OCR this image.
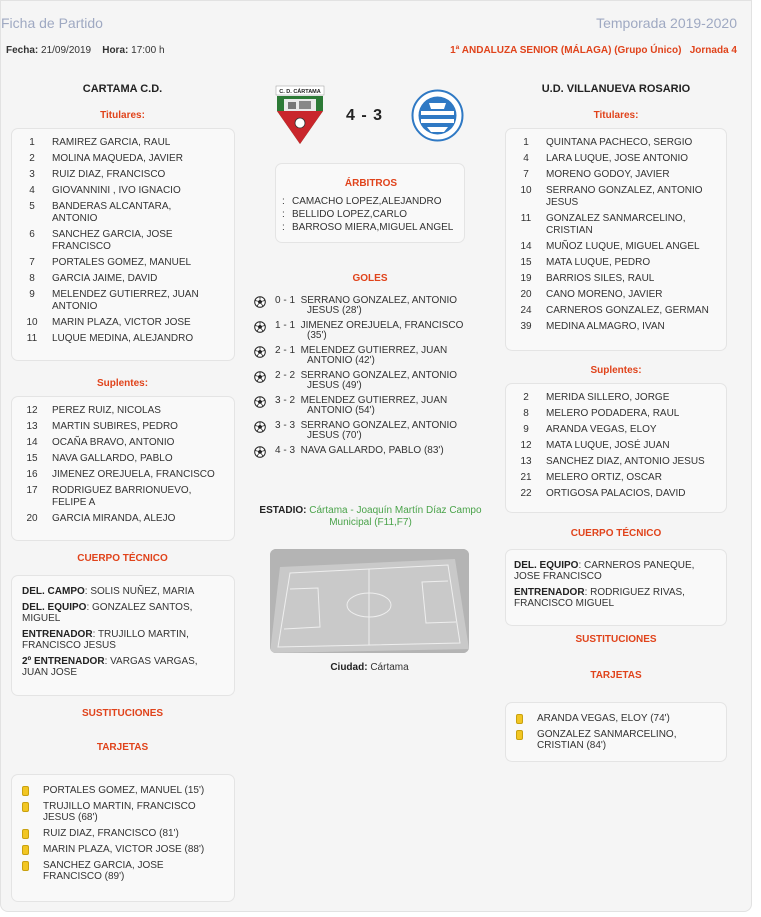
Ficha de Partido	Temporada 2019-2020
Fecha: 21/09/2019 Hora: 17:00 h	1ª ANDALUZA SENIOR (MÁLAGA) (Grupo Único) Jornada 4
CARTAMA C.D.
Titulares:
1	RAMIREZ GARCIA, RAUL
2	MOLINA MAQUEDA, JAVIER
3	RUIZ DIAZ, FRANCISCO
4	GIOVANNINI , IVO IGNACIO
5	BANDERAS ALCANTARA,
ANTONIO
6	SANCHEZ GARCIA, JOSE
FRANCISCO
7	PORTALES GOMEZ, MANUEL
8	GARCIA JAIME, DAVID
9	MELENDEZ GUTIERREZ, JUAN
ANTONIO
10	MARIN PLAZA, VICTOR JOSE
11	LUQUE MEDINA, ALEJANDRO
Suplentes:
12	PEREZ RUIZ, NICOLAS
13	MARTIN SUBIRES, PEDRO
14	OCAÑA BRAVO, ANTONIO
15	NAVA GALLARDO, PABLO
16	JIMENEZ OREJUELA, FRANCISCO
17	RODRIGUEZ BARRIONUEVO,
FELIPE A
20	GARCIA MIRANDA, ALEJO
CUERPO TÉCNICO

DEL. CAMPO: SOLIS NUÑEZ, MARIA

DEL. EQUIPO: GONZALEZ SANTOS, MIGUEL

ENTRENADOR: TRUJILLO MARTIN, FRANCISCO JESUS

2º ENTRENADOR: VARGAS VARGAS, JUAN JOSE

SUSTITUCIONES
TARJETAS
PORTALES GOMEZ, MANUEL (15')
TRUJILLO MARTIN, FRANCISCO
JESUS (68')
RUIZ DIAZ, FRANCISCO (81')
MARIN PLAZA, VICTOR JOSE (88')
SANCHEZ GARCIA, JOSE
FRANCISCO (89')
C. D. CÁRTAMA
4 - 3
ÁRBITROS
: CAMACHO LOPEZ,ALEJANDRO
: BELLIDO LOPEZ,CARLO
: BARROSO MIERA,MIGUEL ANGEL
GOLES
0 - 1 SERRANO GONZALEZ, ANTONIO
JESUS (28')
1 - 1 JIMENEZ OREJUELA, FRANCISCO
(35')
2 - 1 MELENDEZ GUTIERREZ, JUAN
ANTONIO (42')
2 - 2 SERRANO GONZALEZ, ANTONIO
JESUS (49')
3 - 2 MELENDEZ GUTIERREZ, JUAN
ANTONIO (54')
3 - 3 SERRANO GONZALEZ, ANTONIO
JESUS (70')
4 - 3 NAVA GALLARDO, PABLO (83')
ESTADIO: Cártama - Joaquín Martín Díaz Campo Municipal (F11,F7)
Ciudad: Cártama
U.D. VILLANUEVA ROSARIO
Titulares:
1	QUINTANA PACHECO, SERGIO
4	LARA LUQUE, JOSE ANTONIO
7	MORENO GODOY, JAVIER
10	SERRANO GONZALEZ, ANTONIO
JESUS
11	GONZALEZ SANMARCELINO,
CRISTIAN
14	MUÑOZ LUQUE, MIGUEL ANGEL
15	MATA LUQUE, PEDRO
19	BARRIOS SILES, RAUL
20	CANO MORENO, JAVIER
24	CARNEROS GONZALEZ, GERMAN
39	MEDINA ALMAGRO, IVAN
Suplentes:
2	MERIDA SILLERO, JORGE
8	MELERO PODADERA, RAUL
9	ARANDA VEGAS, ELOY
12	MATA LUQUE, JOSÉ JUAN
13	SANCHEZ DIAZ, ANTONIO JESUS
21	MELERO ORTIZ, OSCAR
22	ORTIGOSA PALACIOS, DAVID
CUERPO TÉCNICO

DEL. EQUIPO: CARNEROS PANEQUE, JOSE FRANCISCO

ENTRENADOR: RODRIGUEZ RIVAS, FRANCISCO MIGUEL

SUSTITUCIONES
TARJETAS
ARANDA VEGAS, ELOY (74')
GONZALEZ SANMARCELINO,
CRISTIAN (84')
